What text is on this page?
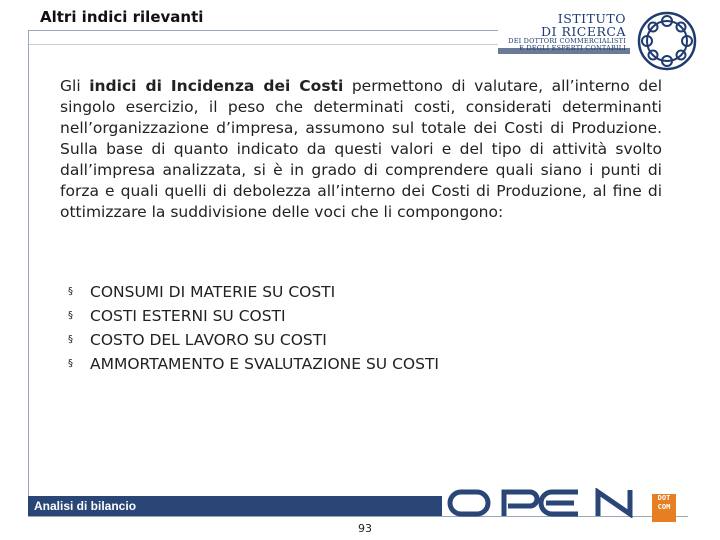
Altri indici rilevanti	ISTITUTO
DI RICERCA
DEI DOTTORI COMMERCIALISTI
E DEGLI ESPERTI CONTABILI

Gli indici di Incidenza dei Costi permettono di valutare, all’interno del singolo esercizio, il peso che determinati costi, considerati determinanti nell’organizzazione d’impresa, assumono sul totale dei Costi di Produzione. Sulla base di quanto indicato da questi valori e del tipo di attività svolto dall’impresa analizzata, si è in grado di comprendere quali siano i punti di forza e quali quelli di debolezza all’interno dei Costi di Produzione, al fine di ottimizzare la suddivisione delle voci che li compongono:

§	CONSUMI DI MATERIE SU COSTI
§	COSTI ESTERNI SU COSTI
§	COSTO DEL LAVORO SU COSTI
§	AMMORTAMENTO E SVALUTAZIONE SU COSTI
Analisi di bilancio
93
DOT
COM
